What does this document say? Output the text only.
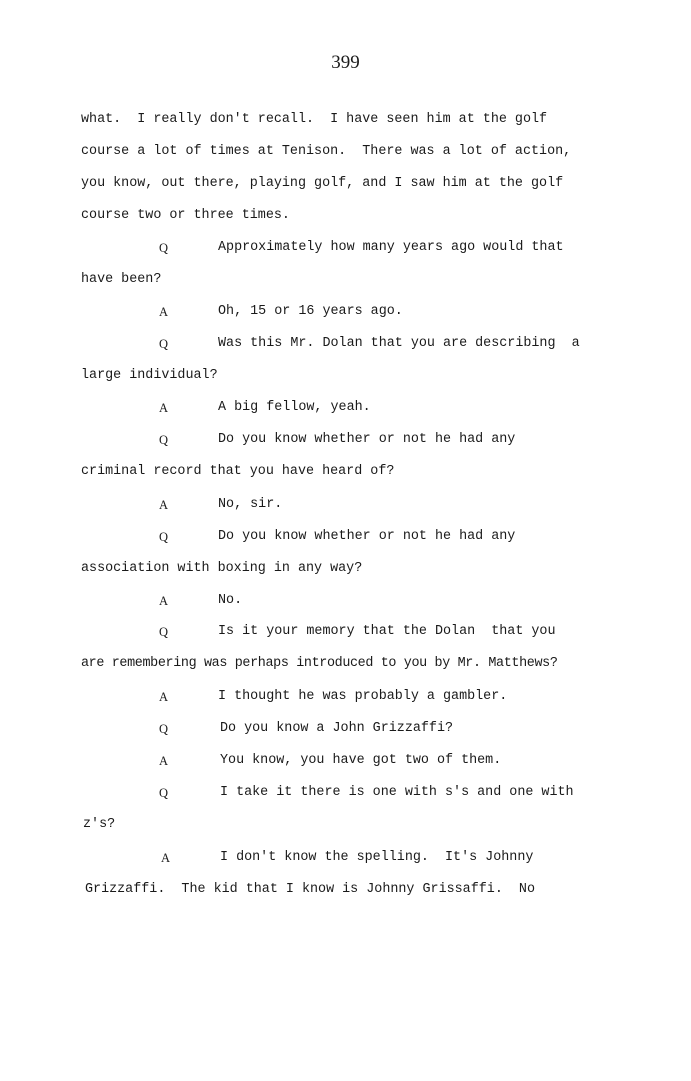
399
what.  I really don't recall.  I have seen him at the golf
course a lot of times at Tenison.  There was a lot of action,
you know, out there, playing golf, and I saw him at the golf
course two or three times.
Q	Approximately how many years ago would that
have been?
A	Oh, 15 or 16 years ago.
Q	Was this Mr. Dolan that you are describing  a
large individual?
A	A big fellow, yeah.
Q	Do you know whether or not he had any
criminal record that you have heard of?
A	No, sir.
Q	Do you know whether or not he had any
association with boxing in any way?
A	No.
Q	Is it your memory that the Dolan  that you
are remembering was perhaps introduced to you by Mr. Matthews?
A	I thought he was probably a gambler.
Q	Do you know a John Grizzaffi?
A	You know, you have got two of them.
Q	I take it there is one with s's and one with
z's?
A	I don't know the spelling.  It's Johnny
Grizzaffi.  The kid that I know is Johnny Grissaffi.  No
